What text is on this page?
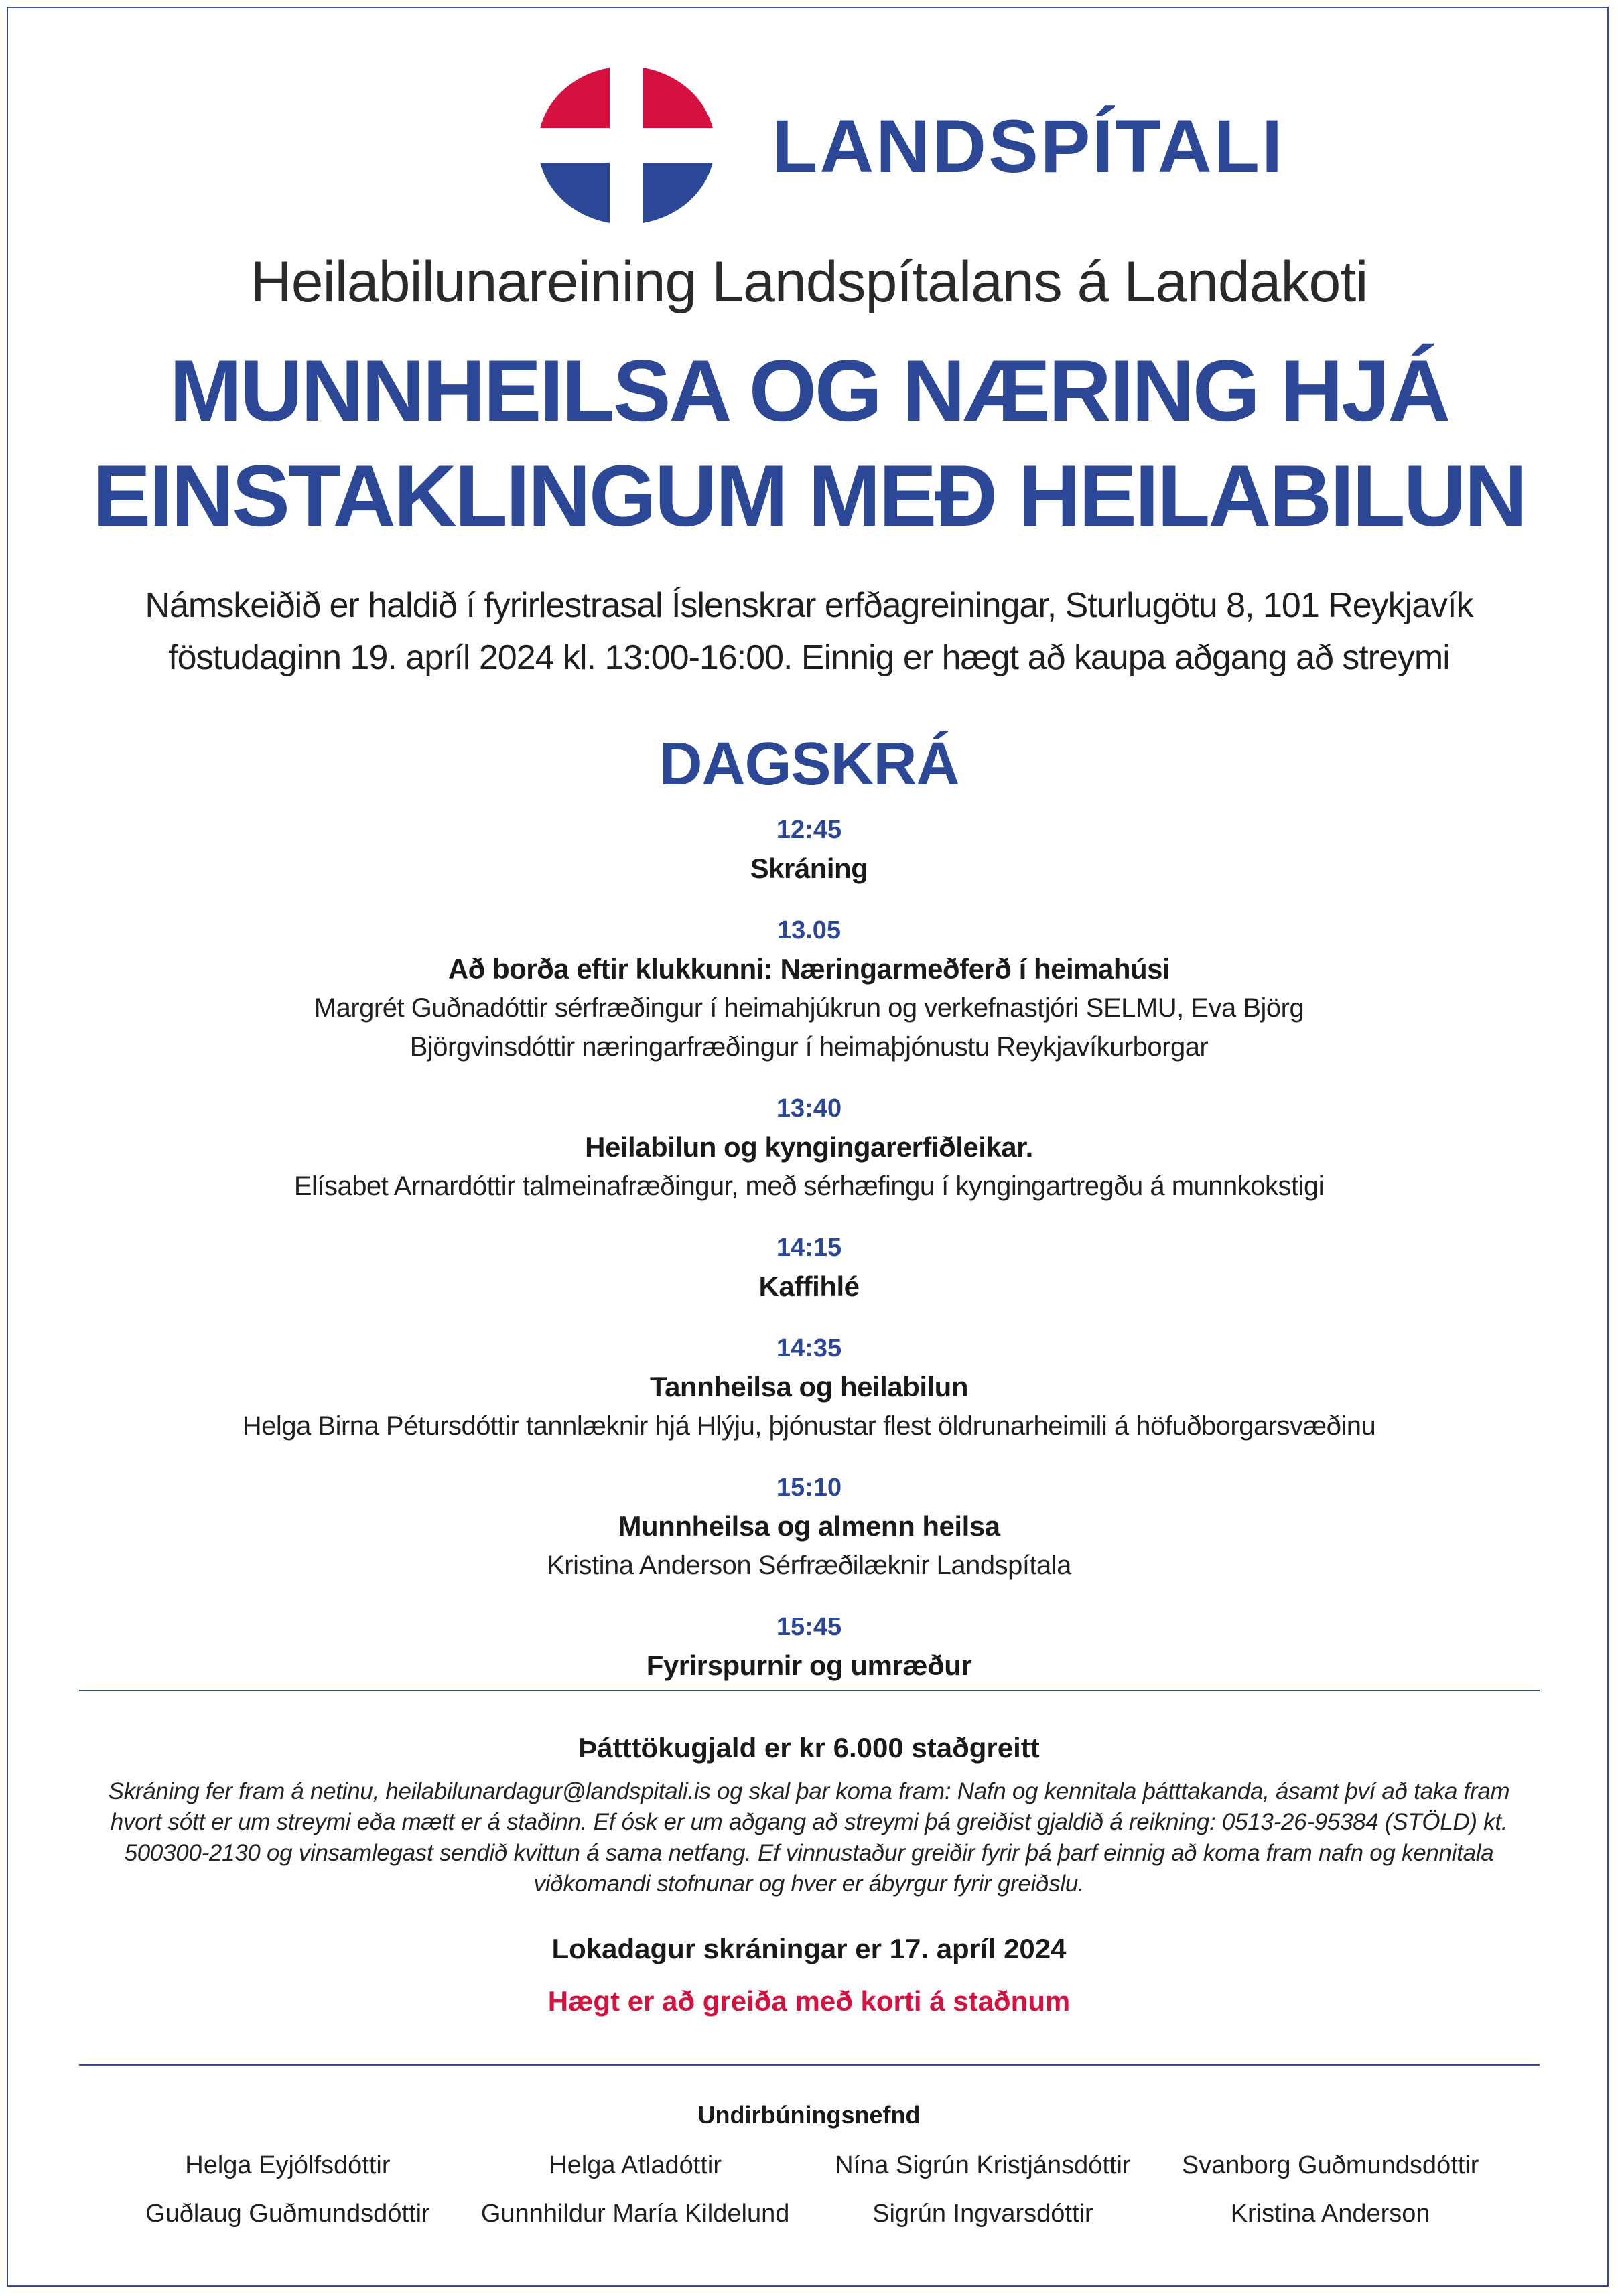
LANDSPÍTALI
Heilabilunareining Landspítalans á Landakoti
MUNNHEILSA OG NÆRING HJÁ
EINSTAKLINGUM MEÐ HEILABILUN
Námskeiðið er haldið í fyrirlestrasal Íslenskrar erfðagreiningar, Sturlugötu 8, 101 Reykjavík
föstudaginn 19. apríl 2024 kl. 13:00-16:00. Einnig er hægt að kaupa aðgang að streymi
DAGSKRÁ
12:45
Skráning
13.05
Að borða eftir klukkunni: Næringarmeðferð í heimahúsi
Margrét Guðnadóttir sérfræðingur í heimahjúkrun og verkefnastjóri SELMU, Eva Björg
Björgvinsdóttir næringarfræðingur í heimaþjónustu Reykjavíkurborgar
13:40
Heilabilun og kyngingarerfiðleikar.
Elísabet Arnardóttir talmeinafræðingur, með sérhæfingu í kyngingartregðu á munnkokstigi
14:15
Kaffihlé
14:35
Tannheilsa og heilabilun
Helga Birna Pétursdóttir tannlæknir hjá Hlýju, þjónustar flest öldrunarheimili á höfuðborgarsvæðinu
15:10
Munnheilsa og almenn heilsa
Kristina Anderson Sérfræðilæknir Landspítala
15:45
Fyrirspurnir og umræður
Þátttökugjald er kr 6.000 staðgreitt
Skráning fer fram á netinu, heilabilunardagur@landspitali.is og skal þar koma fram: Nafn og kennitala þátttakanda, ásamt því að taka fram hvort sótt er um streymi eða mætt er á staðinn. Ef ósk er um aðgang að streymi þá greiðist gjaldið á reikning: 0513-26-95384 (STÖLD) kt. 500300-2130 og vinsamlegast sendið kvittun á sama netfang. Ef vinnustaður greiðir fyrir þá þarf einnig að koma fram nafn og kennitala viðkomandi stofnunar og hver er ábyrgur fyrir greiðslu.
Lokadagur skráningar er 17. apríl 2024
Hægt er að greiða með korti á staðnum
Undirbúningsnefnd
Helga Eyjólfsdóttir	Helga Atladóttir	Nína Sigrún Kristjánsdóttir	Svanborg Guðmundsdóttir
Guðlaug Guðmundsdóttir	Gunnhildur María Kildelund	Sigrún Ingvarsdóttir	Kristina Anderson
